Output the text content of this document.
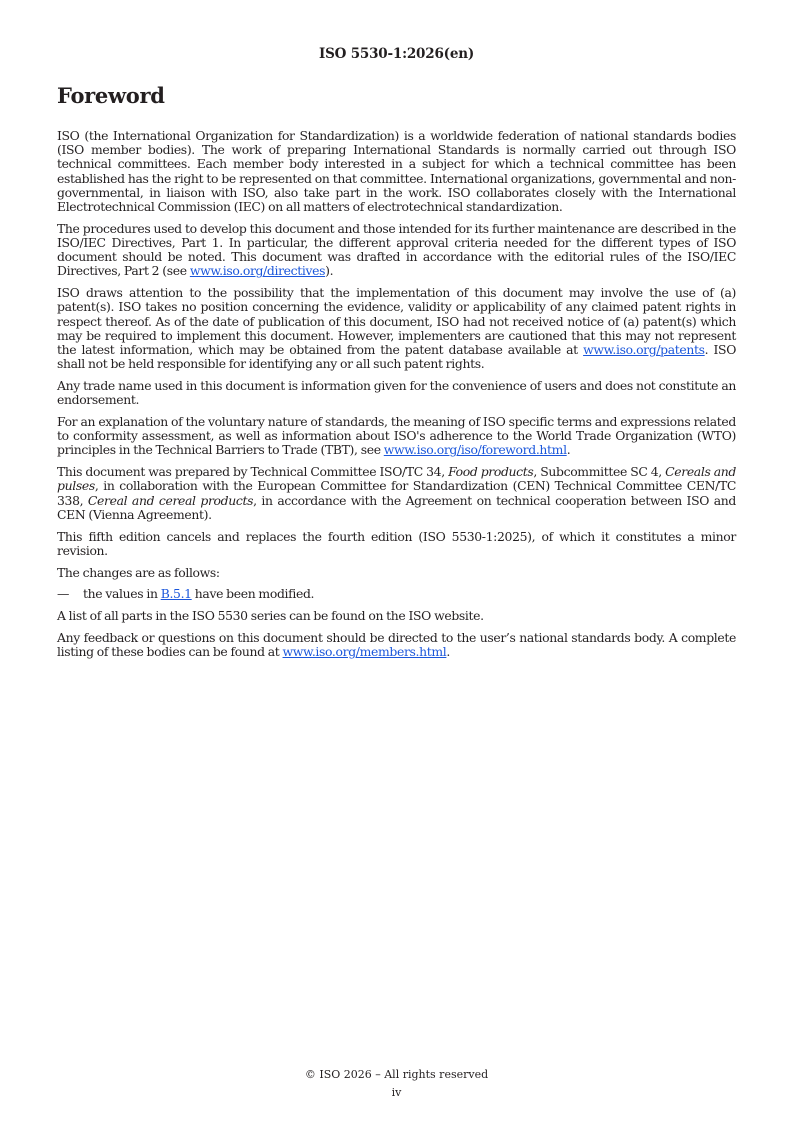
ISO 5530-1:2026(en)
Foreword

ISO (the International Organization for Standardization) is a worldwide federation of national standards bodies (ISO member bodies). The work of preparing International Standards is normally carried out through ISO technical committees. Each member body interested in a subject for which a technical committee has been established has the right to be represented on that committee. International organizations, governmental and non-governmental, in liaison with ISO, also take part in the work. ISO collaborates closely with the International Electrotechnical Commission (IEC) on all matters of electrotechnical standardization.

The procedures used to develop this document and those intended for its further maintenance are described in the ISO/IEC Directives, Part 1. In particular, the different approval criteria needed for the different types of ISO document should be noted. This document was drafted in accordance with the editorial rules of the ISO/IEC Directives, Part 2 (see www.iso.org/directives).

ISO draws attention to the possibility that the implementation of this document may involve the use of (a) patent(s). ISO takes no position concerning the evidence, validity or applicability of any claimed patent rights in respect thereof. As of the date of publication of this document, ISO had not received notice of (a) patent(s) which may be required to implement this document. However, implementers are cautioned that this may not represent the latest information, which may be obtained from the patent database available at www.iso.org/patents. ISO shall not be held responsible for identifying any or all such patent rights.

Any trade name used in this document is information given for the convenience of users and does not constitute an endorsement.

For an explanation of the voluntary nature of standards, the meaning of ISO specific terms and expressions related to conformity assessment, as well as information about ISO's adherence to the World Trade Organization (WTO) principles in the Technical Barriers to Trade (TBT), see www.iso.org/iso/foreword.html.

This document was prepared by Technical Committee ISO/TC 34, Food products, Subcommittee SC 4, Cereals and pulses, in collaboration with the European Committee for Standardization (CEN) Technical Committee CEN/TC 338, Cereal and cereal products, in accordance with the Agreement on technical cooperation between ISO and CEN (Vienna Agreement).

This fifth edition cancels and replaces the fourth edition (ISO 5530-1:2025), of which it constitutes a minor revision.

The changes are as follows:

—	the values in B.5.1 have been modified.

A list of all parts in the ISO 5530 series can be found on the ISO website.

Any feedback or questions on this document should be directed to the user’s national standards body. A complete listing of these bodies can be found at www.iso.org/members.html.

© ISO 2026 – All rights reserved
iv
